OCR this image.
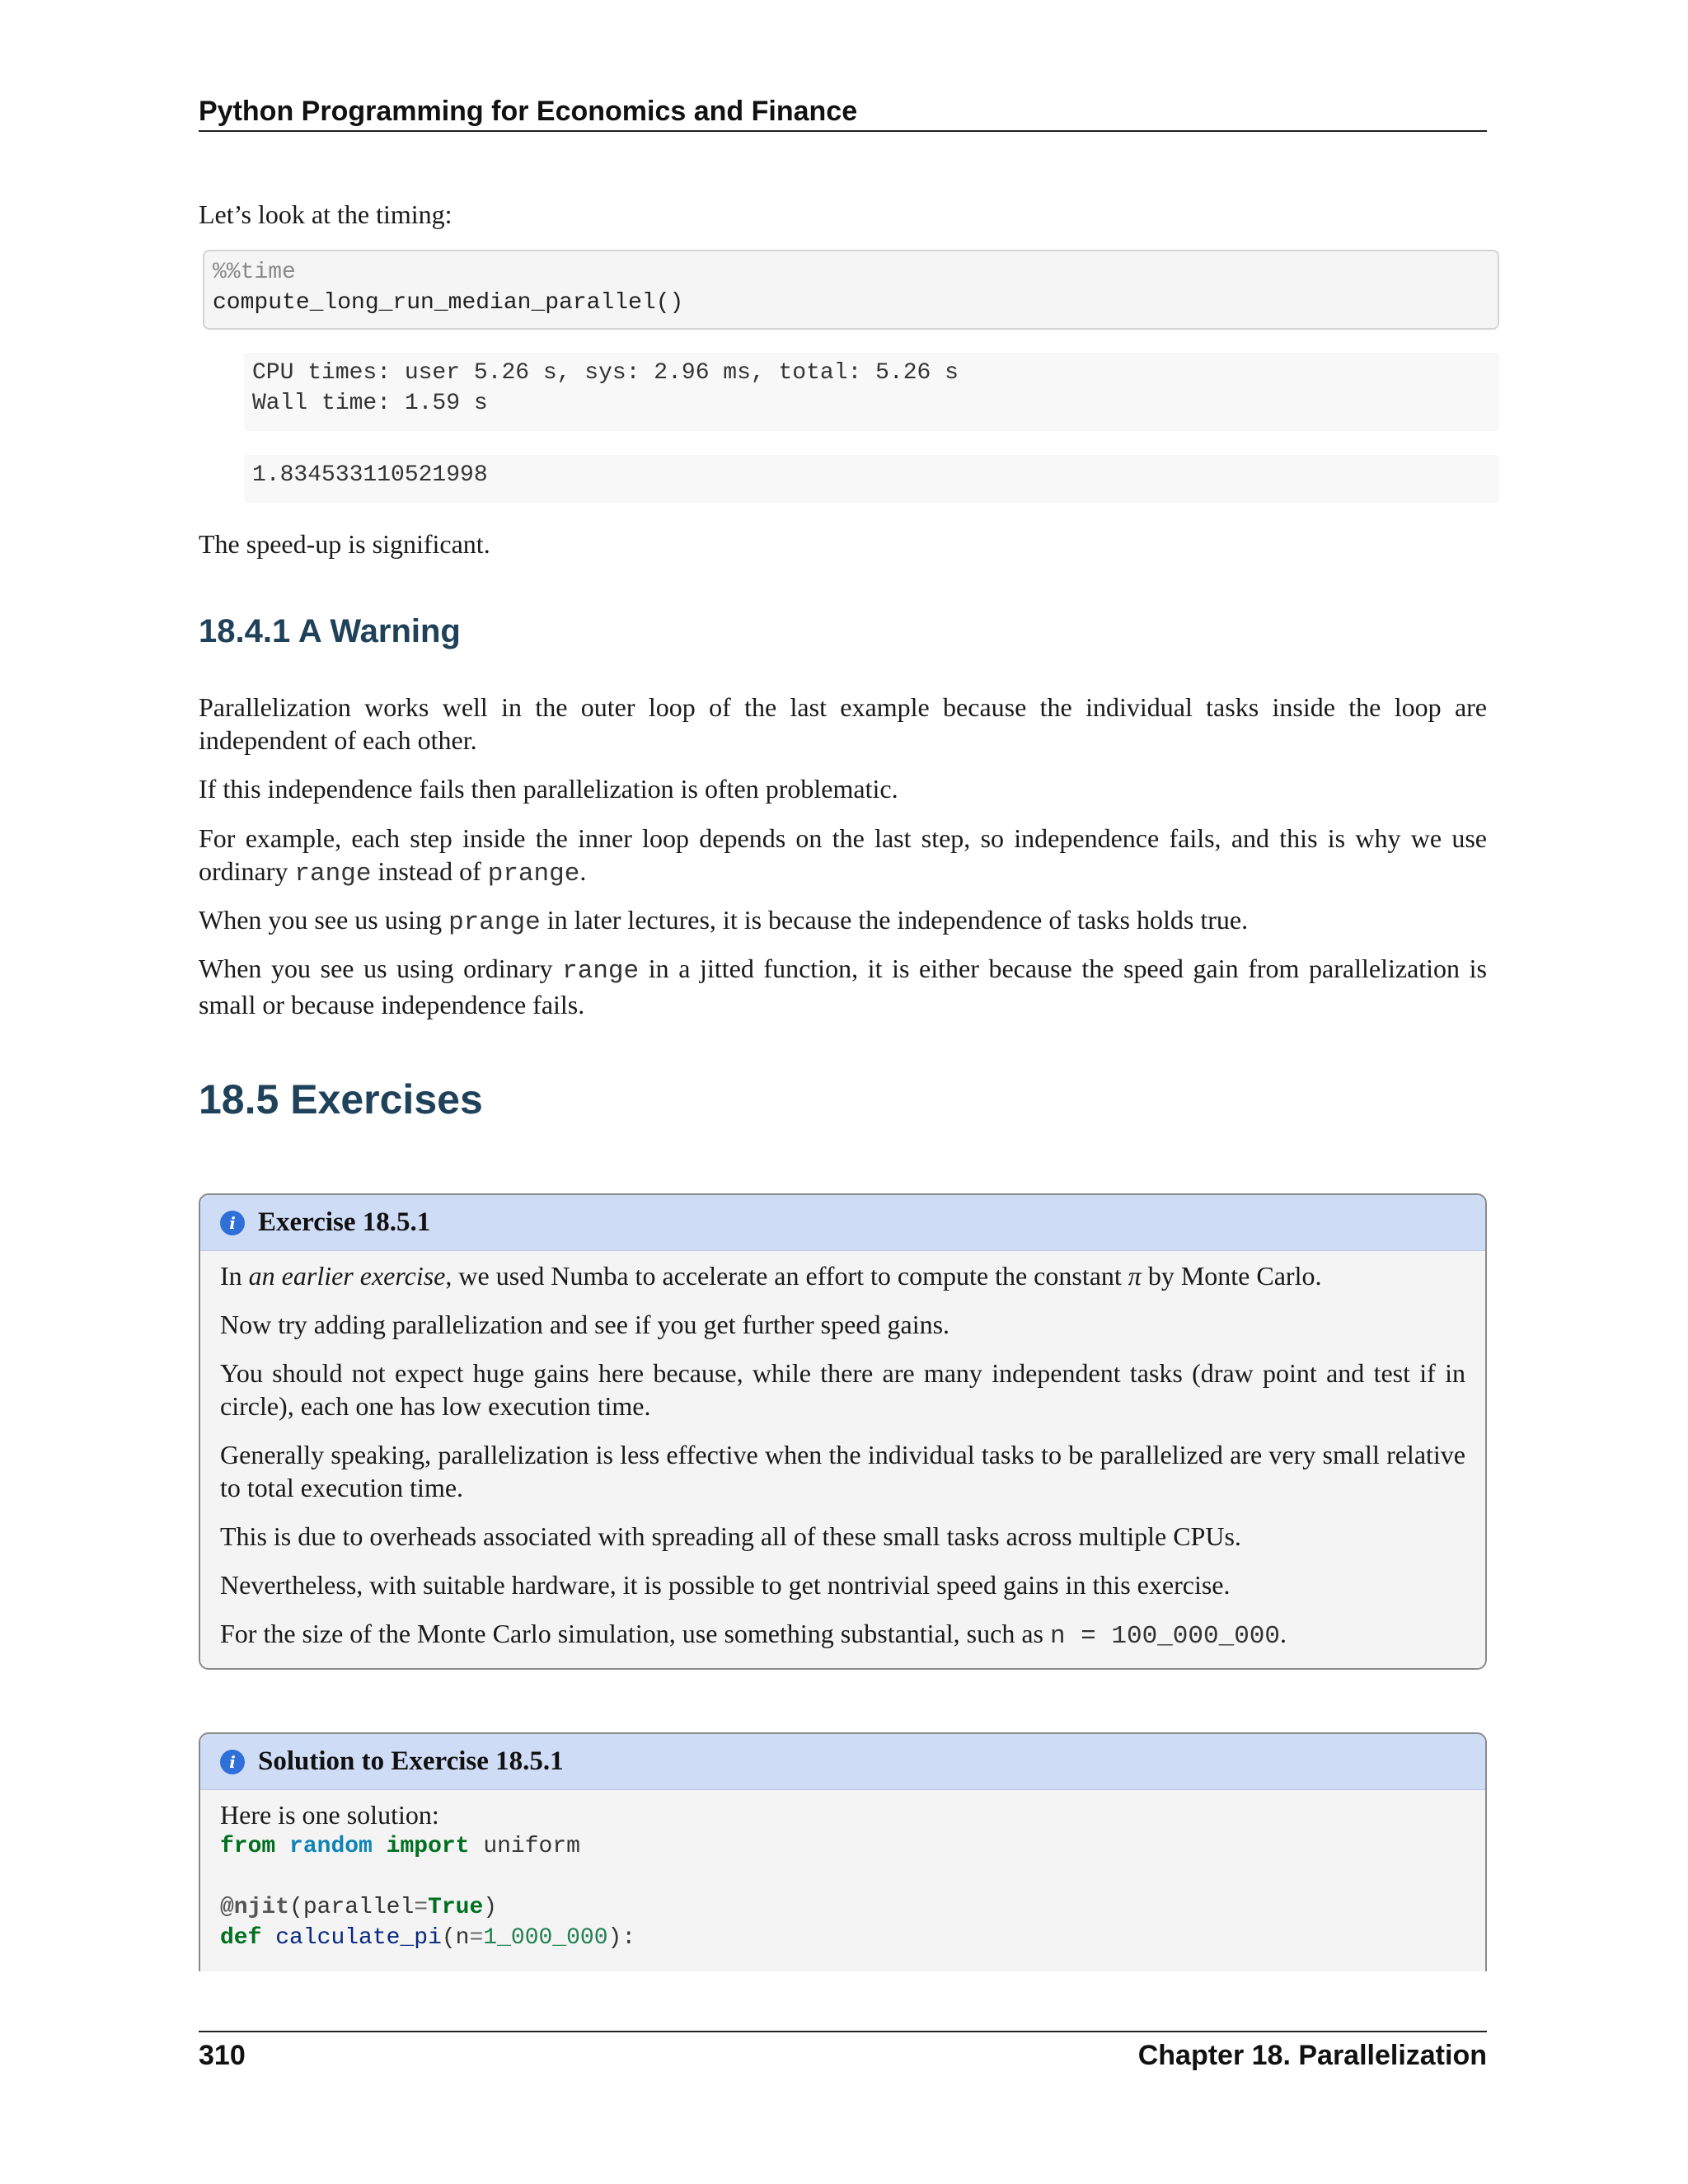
Python Programming for Economics and Finance
Let’s look at the timing:
%%time
compute_long_run_median_parallel()
CPU times: user 5.26 s, sys: 2.96 ms, total: 5.26 s
Wall time: 1.59 s
1.834533110521998
The speed-up is significant.
18.4.1 A Warning
Parallelization works well in the outer loop of the last example because the individual tasks inside the loop are independent of each other.
If this independence fails then parallelization is often problematic.
For example, each step inside the inner loop depends on the last step, so independence fails, and this is why we use ordinary range instead of prange.
When you see us using prange in later lectures, it is because the independence of tasks holds true.
When you see us using ordinary range in a jitted function, it is either because the speed gain from parallelization is small or because independence fails.
18.5 Exercises
i Exercise 18.5.1
In an earlier exercise, we used Numba to accelerate an effort to compute the constant π by Monte Carlo.
Now try adding parallelization and see if you get further speed gains.
You should not expect huge gains here because, while there are many independent tasks (draw point and test if in circle), each one has low execution time.
Generally speaking, parallelization is less effective when the individual tasks to be parallelized are very small relative to total execution time.
This is due to overheads associated with spreading all of these small tasks across multiple CPUs.
Nevertheless, with suitable hardware, it is possible to get nontrivial speed gains in this exercise.
For the size of the Monte Carlo simulation, use something substantial, such as n = 100_000_000.
i Solution to Exercise 18.5.1
Here is one solution:
from random import uniform

@njit(parallel=True)
def calculate_pi(n=1_000_000):
310	Chapter 18. Parallelization
